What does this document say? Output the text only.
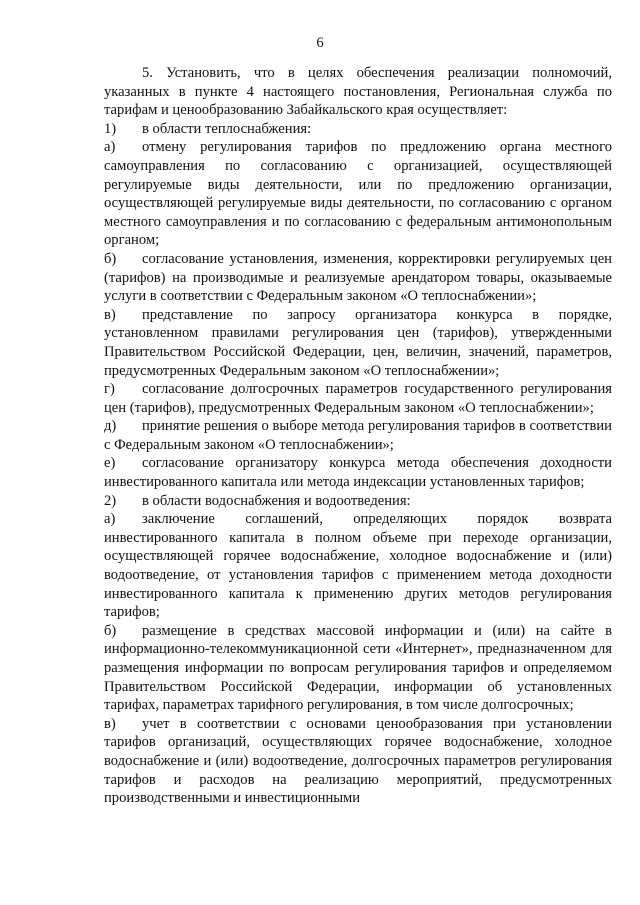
6

5. Установить, что в целях обеспечения реализации полномочий, указанных в пункте 4 настоящего постановления, Региональная служба по тарифам и ценообразованию Забайкальского края осуществляет:

1) в области теплоснабжения:

а) отмену регулирования тарифов по предложению органа местного самоуправления по согласованию с организацией, осуществляющей регулируемые виды деятельности, или по предложению организации, осуществляющей регулируемые виды деятельности, по согласованию с органом местного самоуправления и по согласованию с федеральным антимонопольным органом;

б) согласование установления, изменения, корректировки регулируемых цен (тарифов) на производимые и реализуемые арендатором товары, оказываемые услуги в соответствии с Федеральным законом «О теплоснабжении»;

в) представление по запросу организатора конкурса в порядке, установленном правилами регулирования цен (тарифов), утвержденными Правительством Российской Федерации, цен, величин, значений, параметров, предусмотренных Федеральным законом «О теплоснабжении»;

г) согласование долгосрочных параметров государственного регулирования цен (тарифов), предусмотренных Федеральным законом «О теплоснабжении»;

д) принятие решения о выборе метода регулирования тарифов в соответствии с Федеральным законом «О теплоснабжении»;

е) согласование организатору конкурса метода обеспечения доходности инвестированного капитала или метода индексации установленных тарифов;

2) в области водоснабжения и водоотведения:

а) заключение соглашений, определяющих порядок возврата инвестированного капитала в полном объеме при переходе организации, осуществляющей горячее водоснабжение, холодное водоснабжение и (или) водоотведение, от установления тарифов с применением метода доходности инвестированного капитала к применению других методов регулирования тарифов;

б) размещение в средствах массовой информации и (или) на сайте в информационно-телекоммуникационной сети «Интернет», предназначенном для размещения информации по вопросам регулирования тарифов и определяемом Правительством Российской Федерации, информации об установленных тарифах, параметрах тарифного регулирования, в том числе долгосрочных;

в) учет в соответствии с основами ценообразования при установлении тарифов организаций, осуществляющих горячее водоснабжение, холодное водоснабжение и (или) водоотведение, долгосрочных параметров регулирования тарифов и расходов на реализацию мероприятий, предусмотренных производственными и инвестиционными
